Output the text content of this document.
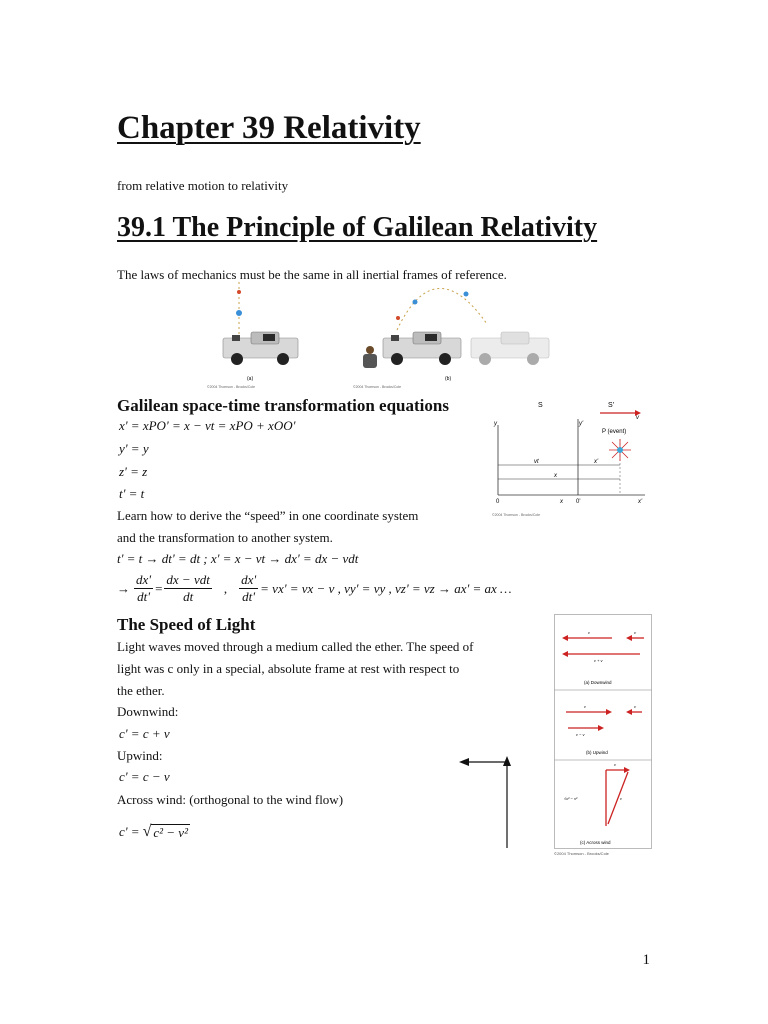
Chapter 39 Relativity
from relative motion to relativity
39.1 The Principle of Galilean Relativity
The laws of mechanics must be the same in all inertial frames of reference.
(a)
©2004 Thomson - Brooks/Cole
(b)
©2004 Thomson - Brooks/Cole
Galilean space-time transformation equations
x' = xPO' = x − vt = xPO + xOO'
y' = y
z' = z
t' = t
Learn how to derive the “speed” in one coordinate system
and the transformation to another system.
t' = t → dt' = dt ; x' = x − vt → dx' = dx − vdt
→ $\frac{dx'}{dt'} = \frac{\text{dx − vdt}}{dt}$ , $\frac{dx'}{dt'} = vx'$ = vx − v , vy' = vy , vz' = vz → ax' = ax …
S	S'
y	y'
v
P (event)
vt	x'
x
0	x 0'	x'
©2004 Thomson - Brooks/Cole
The Speed of Light
Light waves moved through a medium called the ether. The speed of
light was c only in a special, absolute frame at rest with respect to
the ether.
Downwind:
c' = c + v
Upwind:
c' = c − v
Across wind: (orthogonal to the wind flow)
c' = √ c² − v²
c	v
c + v
(a) Downwind
c	v
c − v
(b) Upwind
v
c
√c² − v²
(c) Across wind
©2004 Thomson - Brooks/Cole
1
